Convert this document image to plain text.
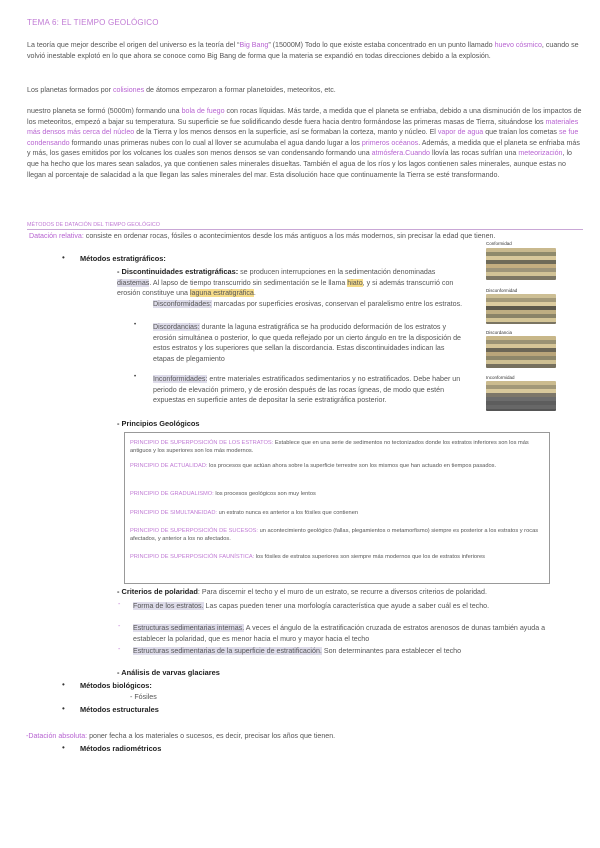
TEMA 6: EL TIEMPO GEOLÓGICO
La teoría que mejor describe el origen del universo es la teoría del “Big Bang” (15000M) Todo lo que existe estaba concentrado en un punto llamado huevo cósmico, cuando se volvió inestable explotó en lo que ahora se conoce como Big Bang de forma que la materia se expandió en todas direcciones debido a la explosión.
Los planetas formados por colisiones de átomos empezaron a formar planetoides, meteoritos, etc.
nuestro planeta se formó (5000m) formando una bola de fuego con rocas líquidas. Más tarde, a medida que el planeta se enfriaba, debido a una disminución de los impactos de los meteoritos, empezó a bajar su temperatura. Su superficie se fue solidificando desde fuera hacia dentro formándose las primeras masas de Tierra, situándose los materiales más densos más cerca del núcleo de la Tierra y los menos densos en la superficie, así se formaban la corteza, manto y núcleo. El vapor de agua que traían los cometas se fue condensando formando unas primeras nubes con lo cual al llover se acumulaba el agua dando lugar a los primeros océanos. Además, a medida que el planeta se enfriaba más y más, los gases emitidos por los volcanes los cuales son menos densos se van condensando formando una atmósfera.Cuando llovía las rocas sufrían una meteorización, lo que ha hecho que los mares sean salados, ya que contienen sales minerales disueltas. También el agua de los ríos y los lagos contienen sales minerales, aunque estas no llegan al porcentaje de salacidad a la que llegan las sales minerales del mar. Esta disolución hace que continuamente la Tierra se esté transformando.
MÉTODOS DE DATACIÓN DEL TIEMPO GEOLÓGICO
Datación relativa: consiste en ordenar rocas, fósiles o acontecimientos desde los más antiguos a los más modernos, sin precisar la edad que tienen.
• Métodos estratigráficos:
- Discontinuidades estratigráficas: se producen interrupciones en la sedimentación denominadas diastemas. Al lapso de tiempo transcurrido sin sedimentación se le llama hiato, y si además transcurrió con erosión constituye una laguna estratigráfica.
Disconformidades: marcadas por superficies erosivas, conservan el paralelismo entre los estratos.
• Discordancias: durante la laguna estratigráfica se ha producido deformación de los estratos y erosión simultánea o posterior, lo que queda reflejado por un cierto ángulo en tre la disposición de estos estratos y los superiores que sellan la discordancia. Estas discontinuidades indican las etapas de plegamiento
• Inconformidades: entre materiales estratificados sedimentarios y no estratificados. Debe haber un periodo de elevación primero, y de erosión después de las rocas ígneas, de modo que estén expuestas en superficie antes de depositar la serie estratigráfica posterior.
Conformidad
Disconformidad
Discordancia
Inconformidad
- Principios Geológicos
PRINCIPIO DE SUPERPOSICIÓN DE LOS ESTRATOS: Establece que en una serie de sedimentos no tectonizados donde los estratos inferiores son los más antiguos y los superiores son los más modernos.
PRINCIPIO DE ACTUALIDAD: los procesos que actúan ahora sobre la superficie terrestre son los mismos que han actuado en tiempos pasados.
PRINCIPIO DE GRADUALISMO: los procesos geológicos son muy lentos
PRINCIPIO DE SIMULTANEIDAD: un estrato nunca es anterior a los fósiles que contienen
PRINCIPIO DE SUPERPOSICIÓN DE SUCESOS: un acontecimiento geológico (fallas, plegamientos o metamorfismo) siempre es posterior a los estratos y rocas afectados, y anterior a los no afectados.
PRINCIPIO DE SUPERPOSICIÓN FAUNÍSTICA: los fósiles de estratos superiores son siempre más modernos que los de estratos inferiores
- Criterios de polaridad: Para discernir el techo y el muro de un estrato, se recurre a diversos criterios de polaridad.
- Forma de los estratos. Las capas pueden tener una morfología característica que ayude a saber cuál es el techo.
- Estructuras sedimentarias internas. A veces el ángulo de la estratificación cruzada de estratos arenosos de dunas también ayuda a establecer la polaridad, que es menor hacia el muro y mayor hacia el techo
- Estructuras sedimentarias de la superficie de estratificación. Son determinantes para establecer el techo
- Análisis de varvas glaciares
• Métodos biológicos:
- Fósiles
• Métodos estructurales
-Datación absoluta: poner fecha a los materiales o sucesos, es decir, precisar los años que tienen.
• Métodos radiométricos
